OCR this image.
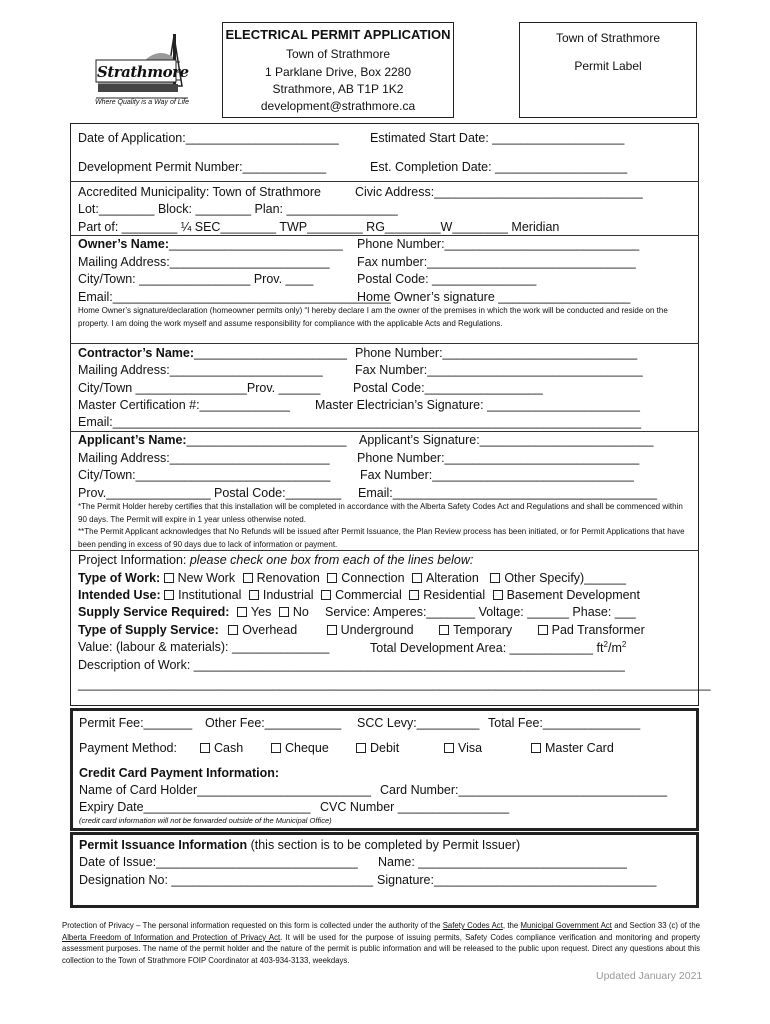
Strathmore
Where Quality is a Way of Life
ELECTRICAL PERMIT APPLICATION
Town of Strathmore
1 Parklane Drive, Box 2280
Strathmore, AB T1P 1K2
development@strathmore.ca
Town of Strathmore
Permit Label
Date of Application:______________________	Estimated Start Date: ___________________
Development Permit Number:____________	Est. Completion Date: ___________________
Accredited Municipality: Town of Strathmore	Civic Address:______________________________
Lot:________ Block: ________ Plan: ________________
Part of: ________ ¼ SEC________ TWP________ RG________W________ Meridian
Owner’s Name:_________________________ Phone Number:____________________________
Mailing Address:_______________________ Fax number:______________________________
City/Town: ________________ Prov. ____	Postal Code: _______________
Email:________________________________________
Home Owner’s signature ___________________
Home Owner’s signature/declaration (homeowner permits only) “I hereby declare I am the owner of the premises in which the work will be conducted and reside on the property. I am doing the work myself and assume responsibility for compliance with the applicable Acts and Regulations.
Contractor’s Name:______________________ Phone Number:____________________________
Mailing Address:______________________	Fax Number:_______________________________
City/Town ________________Prov. ______	Postal Code:_________________
Master Certification #:_____________ Master Electrician’s Signature: ______________________
Email:____________________________________________________________________________
Applicant’s Name:_______________________ Applicant’s Signature:_________________________
Mailing Address:_______________________ Phone Number:____________________________
City/Town:____________________________ Fax Number:_____________________________
Prov._______________ Postal Code:________ Email:______________________________________
*The Permit Holder hereby certifies that this installation will be completed in accordance with the Alberta Safety Codes Act and Regulations and shall be commenced within 90 days. The Permit will expire in 1 year unless otherwise noted.
**The Permit Applicant acknowledges that No Refunds will be issued after Permit Issuance, the Plan Review process has been initiated, or for Permit Applications that have been pending in excess of 90 days due to lack of information or payment.
Project Information: please check one box from each of the lines below:
Type of Work: New Work Renovation Connection Alteration Other Specify)______
Intended Use: Institutional Industrial Commercial Residential Basement Development
Supply Service Required: Yes No Service: Amperes:_______ Voltage: ______ Phase: ___
Type of Supply Service: Overhead	Underground	Temporary	Pad Transformer
Value: (labour & materials): ______________	Total Development Area: ____________ $ft^2/m^2$
Description of Work: ______________________________________________________________
___________________________________________________________________________________________
Permit Fee:_______ Other Fee:___________ SCC Levy:_________ Total Fee:______________
Payment Method:	Cash	Cheque	Debit	Visa	Master Card
Credit Card Payment Information:
Name of Card Holder_________________________ Card Number:______________________________
Expiry Date________________________ CVC Number ________________
(credit card information will not be forwarded outside of the Municipal Office)
Permit Issuance Information (this section is to be completed by Permit Issuer)
Date of Issue:_____________________________ Name: ______________________________
Designation No: _____________________________ Signature:________________________________
Protection of Privacy – The personal information requested on this form is collected under the authority of the Safety Codes Act, the Municipal Government Act and Section 33 (c) of the Alberta Freedom of Information and Protection of Privacy Act. It will be used for the purpose of issuing permits, Safety Codes compliance verification and monitoring and property assessment purposes. The name of the permit holder and the nature of the permit is public information and will be released to the public upon request. Direct any questions about this collection to the Town of Strathmore FOIP Coordinator at 403-934-3133, weekdays.
Updated January 2021
